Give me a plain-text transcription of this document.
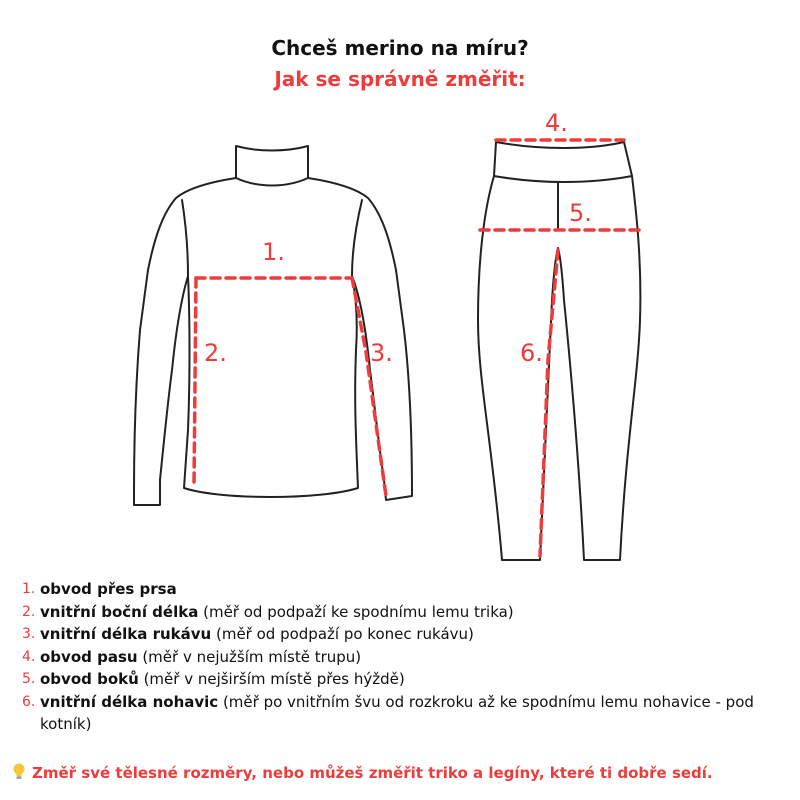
Chceš merino na míru?
Jak se správně změřit:
1.
2.	3.
4.
5.
6.
1. obvod přes prsa
2. vnitřní boční délka (měř od podpaží ke spodnímu lemu trika)
3. vnitřní délka rukávu (měř od podpaží po konec rukávu)
4. obvod pasu (měř v nejužším místě trupu)
5. obvod boků (měř v nejširším místě přes hýždě)
6. vnitřní délka nohavic (měř po vnitřním švu od rozkroku až ke spodnímu lemu nohavice - pod kotník)
Změř své tělesné rozměry, nebo můžeš změřit triko a legíny, které ti dobře sedí.
